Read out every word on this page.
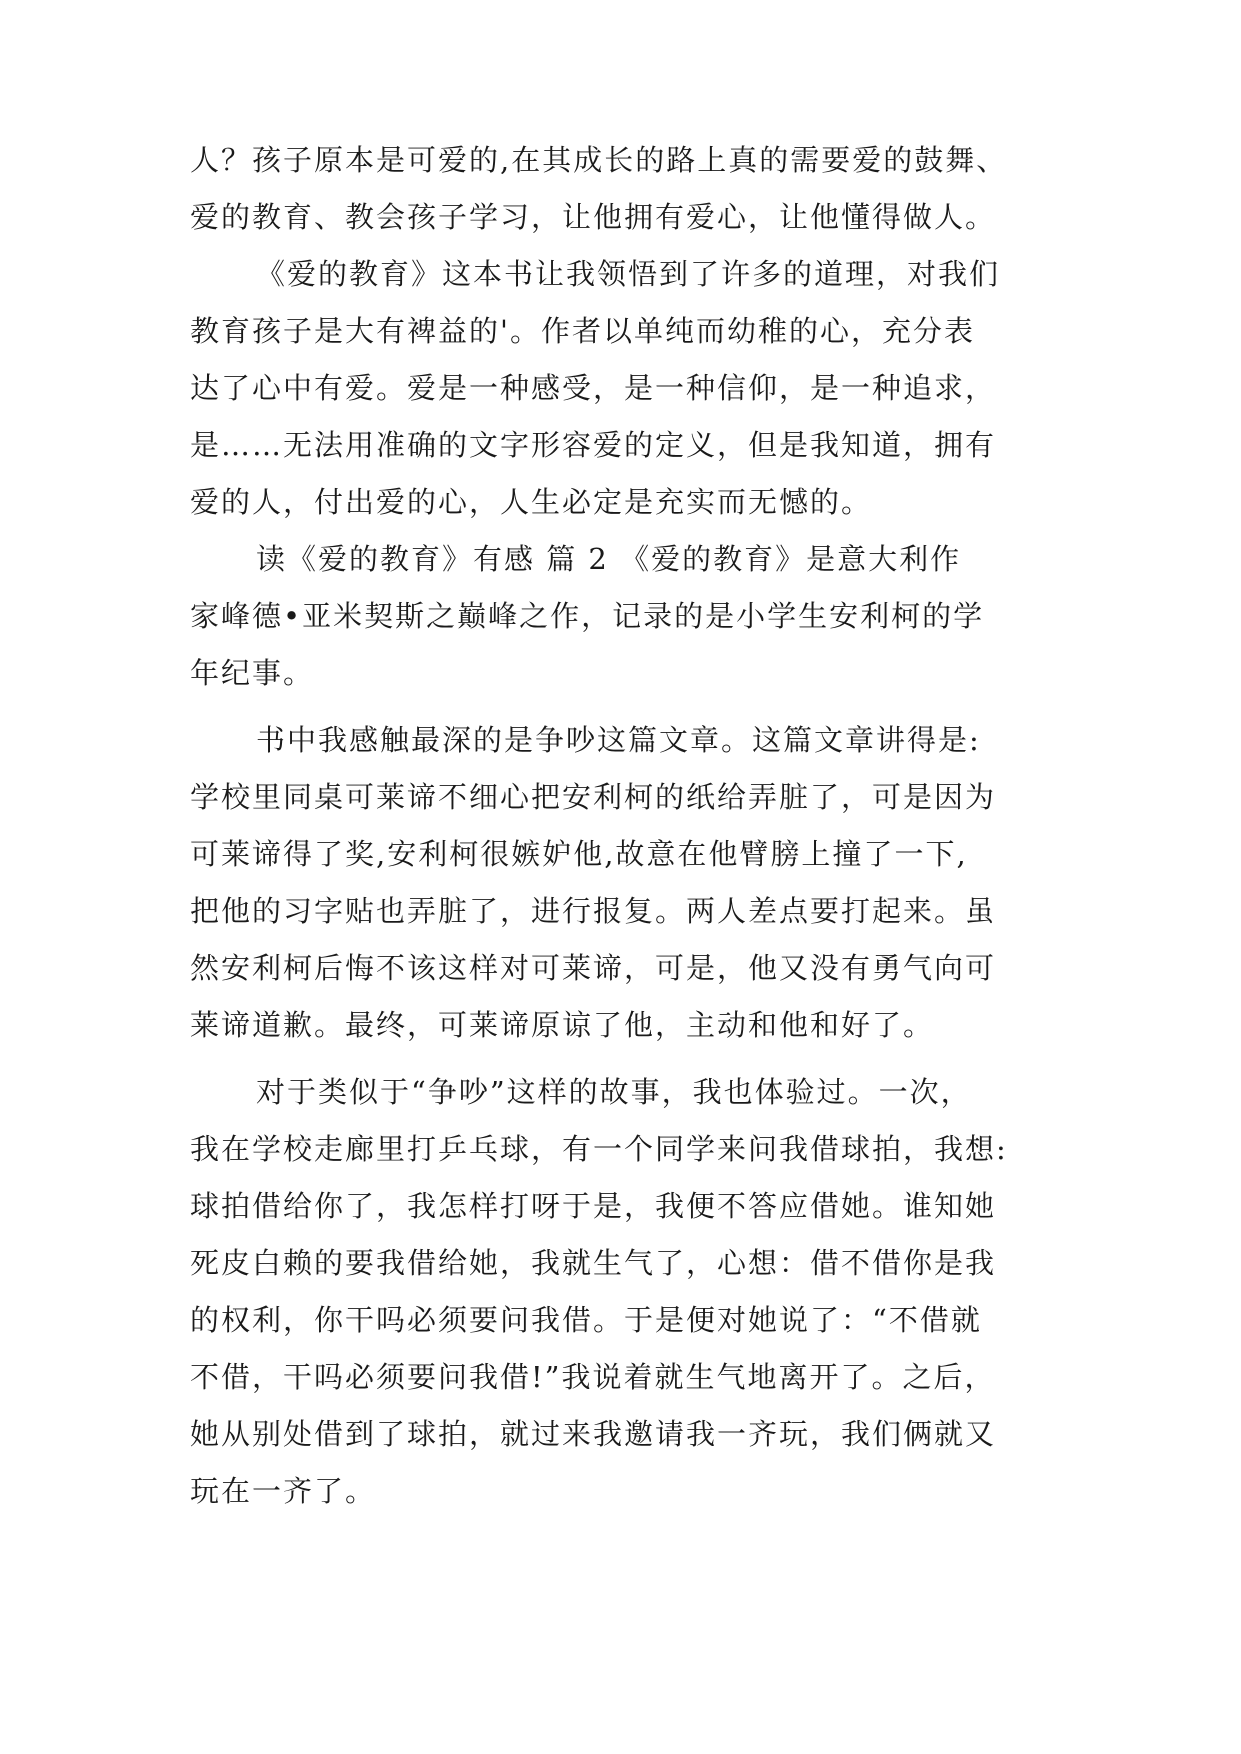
人？孩子原本是可爱的,在其成长的路上真的需要爱的鼓舞、
爱的教育、教会孩子学习，让他拥有爱心，让他懂得做人。
《爱的教育》这本书让我领悟到了许多的道理，对我们
教育孩子是大有裨益的'。作者以单纯而幼稚的心，充分表
达了心中有爱。爱是一种感受，是一种信仰，是一种追求，
是……无法用准确的文字形容爱的定义，但是我知道，拥有
爱的人，付出爱的心，人生必定是充实而无憾的。
读《爱的教育》有感 篇 2 《爱的教育》是意大利作
家峰德•亚米契斯之巅峰之作，记录的是小学生安利柯的学
年纪事。
书中我感触最深的是争吵这篇文章。这篇文章讲得是:
学校里同桌可莱谛不细心把安利柯的纸给弄脏了，可是因为
可莱谛得了奖,安利柯很嫉妒他,故意在他臂膀上撞了一下,
把他的习字贴也弄脏了，进行报复。两人差点要打起来。虽
然安利柯后悔不该这样对可莱谛，可是，他又没有勇气向可
莱谛道歉。最终，可莱谛原谅了他，主动和他和好了。
对于类似于“争吵”这样的故事，我也体验过。一次，
我在学校走廊里打乒乓球，有一个同学来问我借球拍，我想:
球拍借给你了，我怎样打呀于是，我便不答应借她。谁知她
死皮白赖的要我借给她，我就生气了，心想：借不借你是我
的权利，你干吗必须要问我借。于是便对她说了：“不借就
不借，干吗必须要问我借!”我说着就生气地离开了。之后，
她从别处借到了球拍，就过来我邀请我一齐玩，我们俩就又
玩在一齐了。
